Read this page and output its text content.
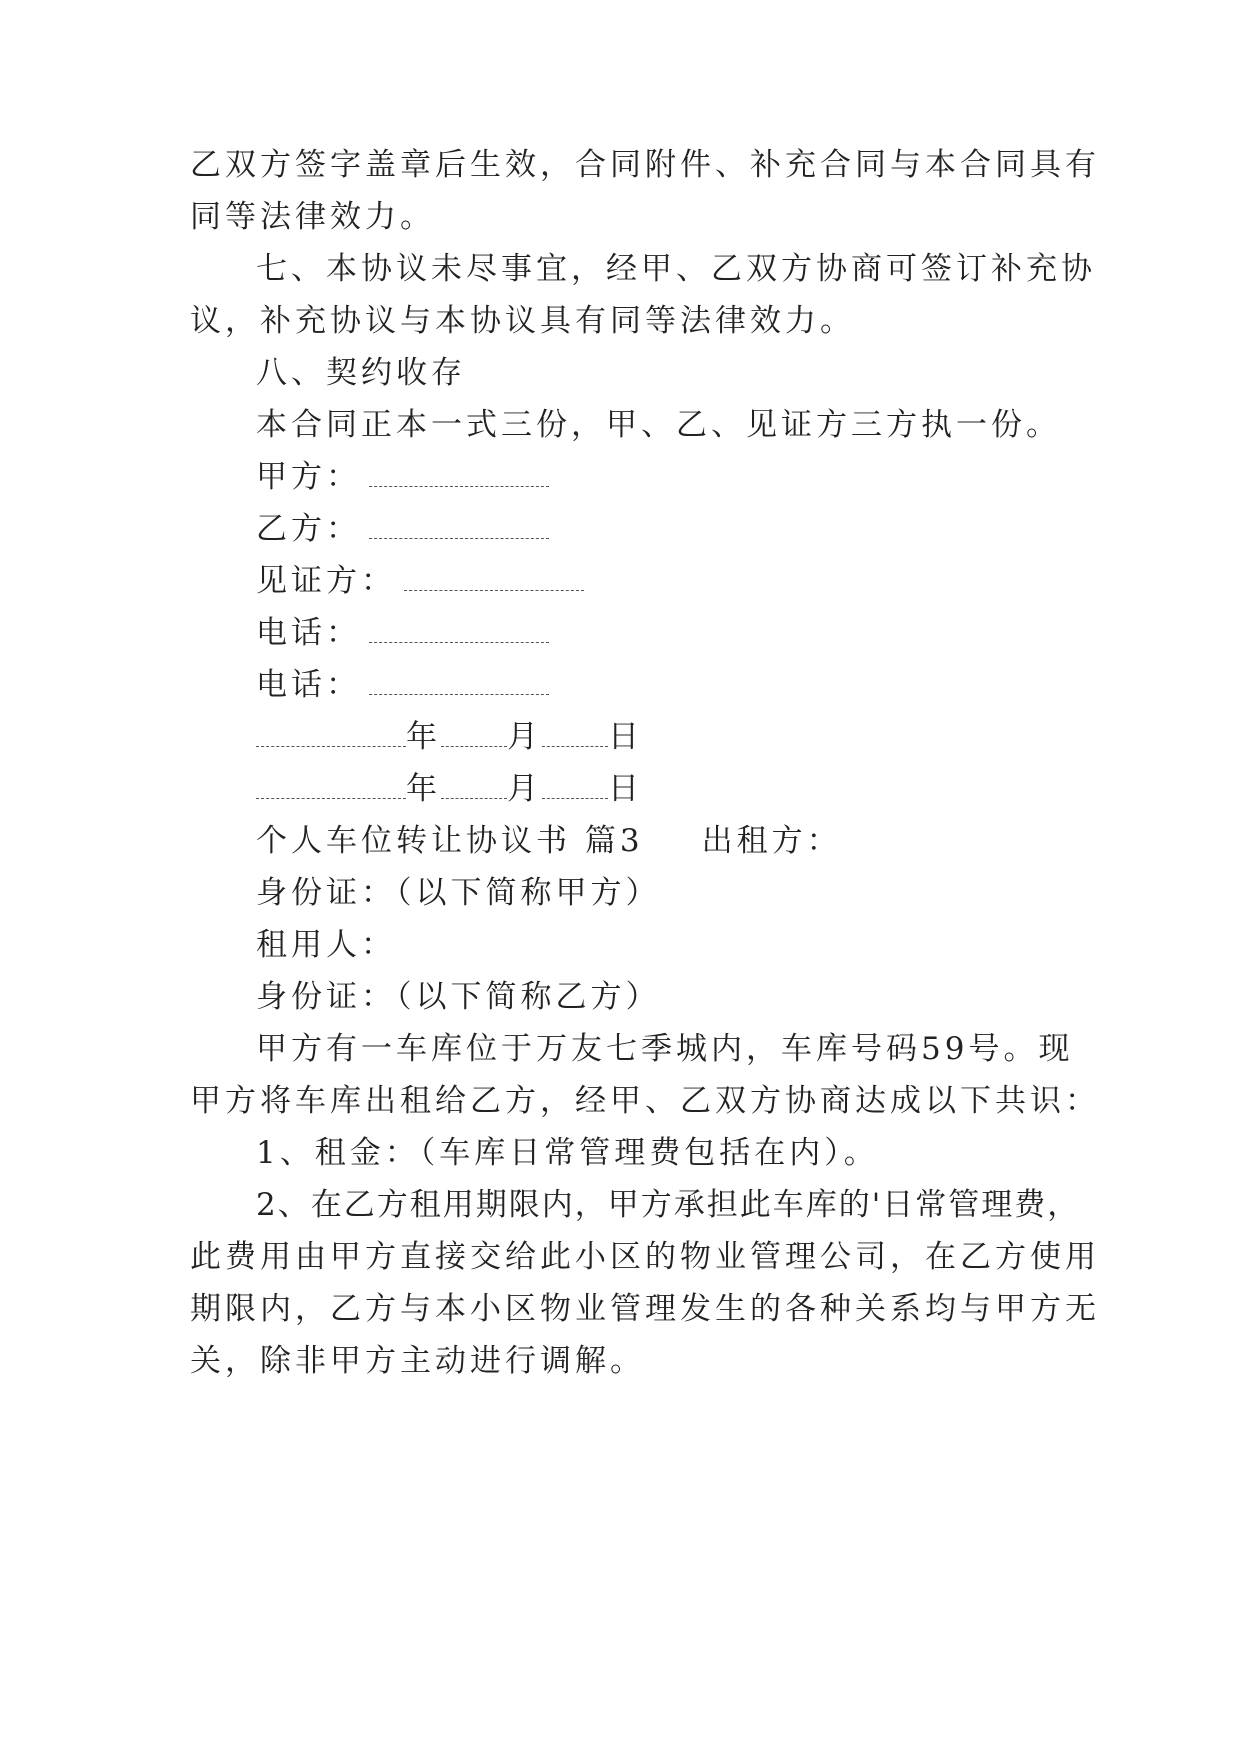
乙双方签字盖章后生效，合同附件、补充合同与本合同具有
同等法律效力。
七、本协议未尽事宜，经甲、乙双方协商可签订补充协
议，补充协议与本协议具有同等法律效力。
八、契约收存
本合同正本一式三份，甲、乙、见证方三方执一份。
甲方：
乙方：
见证方：
电话：
电话：
年 月 日
年 月 日
个人车位转让协议书 篇3 出租方：
身份证：（以下简称甲方）
租用人：
身份证：（以下简称乙方）
甲方有一车库位于万友七季城内，车库号码59号。现
甲方将车库出租给乙方，经甲、乙双方协商达成以下共识：
1、租金：（车库日常管理费包括在内）。
2、在乙方租用期限内，甲方承担此车库的'日常管理费，
此费用由甲方直接交给此小区的物业管理公司，在乙方使用
期限内，乙方与本小区物业管理发生的各种关系均与甲方无
关，除非甲方主动进行调解。
